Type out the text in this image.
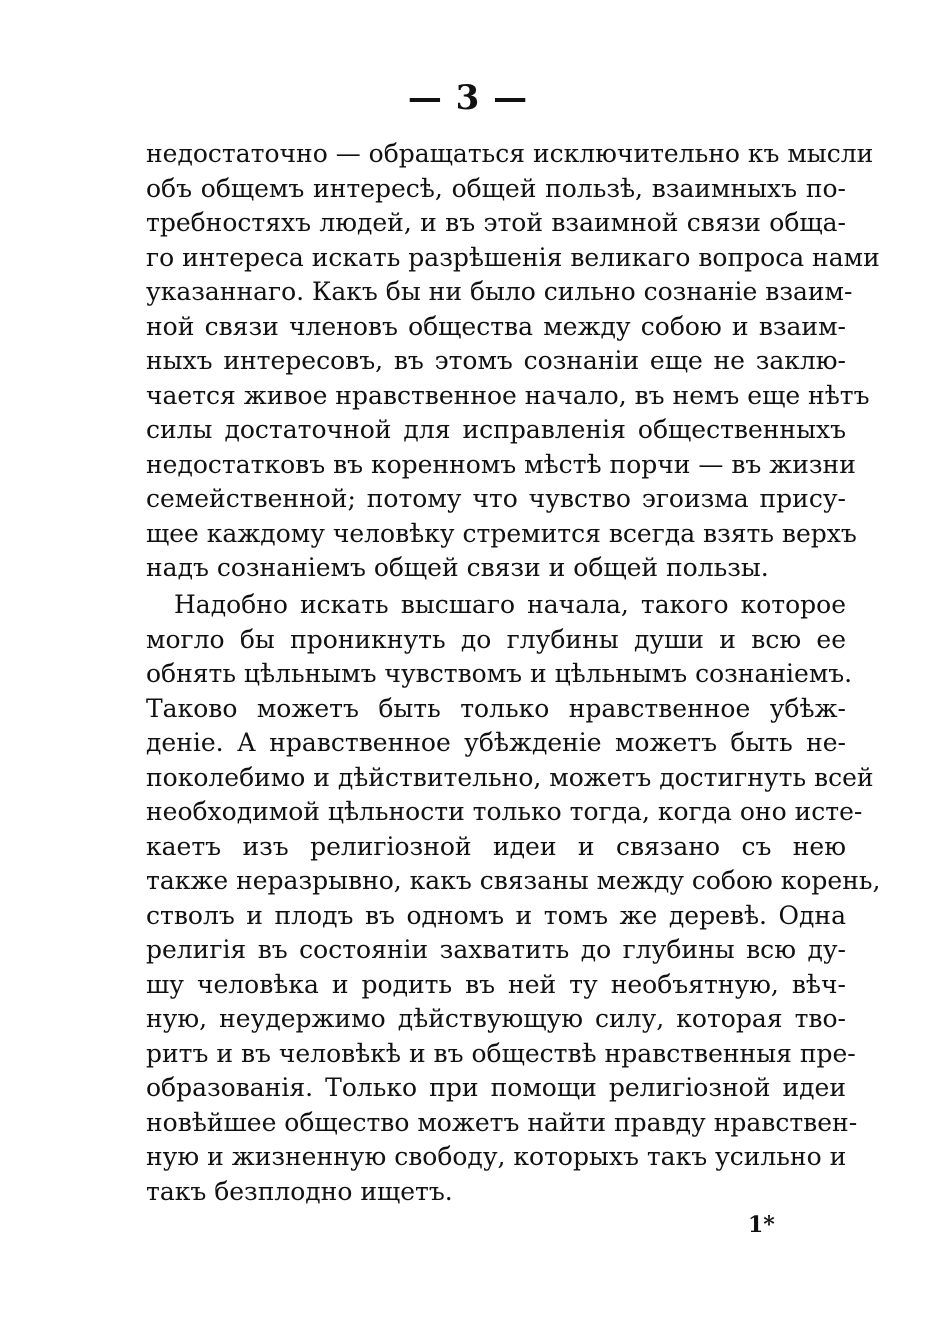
— 3 —
недостаточно — обращаться исключительно къ мысли
объ общемъ интересѣ, общей пользѣ, взаимныхъ по-
требностяхъ людей, и въ этой взаимной связи обща-
го интереса искать разрѣшенія великаго вопроса нами
указаннаго. Какъ бы ни было сильно сознаніе взаим-
ной связи членовъ общества между собою и взаим-
ныхъ интересовъ, въ этомъ сознаніи еще не заклю-
чается живое нравственное начало, въ немъ еще нѣтъ
силы достаточной для исправленія общественныхъ
недостатковъ въ коренномъ мѣстѣ порчи — въ жизни
семейственной; потому что чувство эгоизма прису-
щее каждому человѣку стремится всегда взять верхъ
надъ сознаніемъ общей связи и общей пользы.
Надобно искать высшаго начала, такого которое
могло бы проникнуть до глубины души и всю ее
обнять цѣльнымъ чувствомъ и цѣльнымъ сознаніемъ.
Таково можетъ быть только нравственное убѣж-
деніе. А нравственное убѣжденіе можетъ быть не-
поколебимо и дѣйствительно, можетъ достигнуть всей
необходимой цѣльности только тогда, когда оно исте-
каетъ изъ религіозной идеи и связано съ нею
также неразрывно, какъ связаны между собою корень,
стволъ и плодъ въ одномъ и томъ же деревѣ. Одна
религія въ состояніи захватить до глубины всю ду-
шу человѣка и родить въ ней ту необъятную, вѣч-
ную, неудержимо дѣйствующую силу, которая тво-
ритъ и въ человѣкѣ и въ обществѣ нравственныя пре-
образованія. Только при помощи религіозной идеи
новѣйшее общество можетъ найти правду нравствен-
ную и жизненную свободу, которыхъ такъ усильно и
такъ безплодно ищетъ.
1*
